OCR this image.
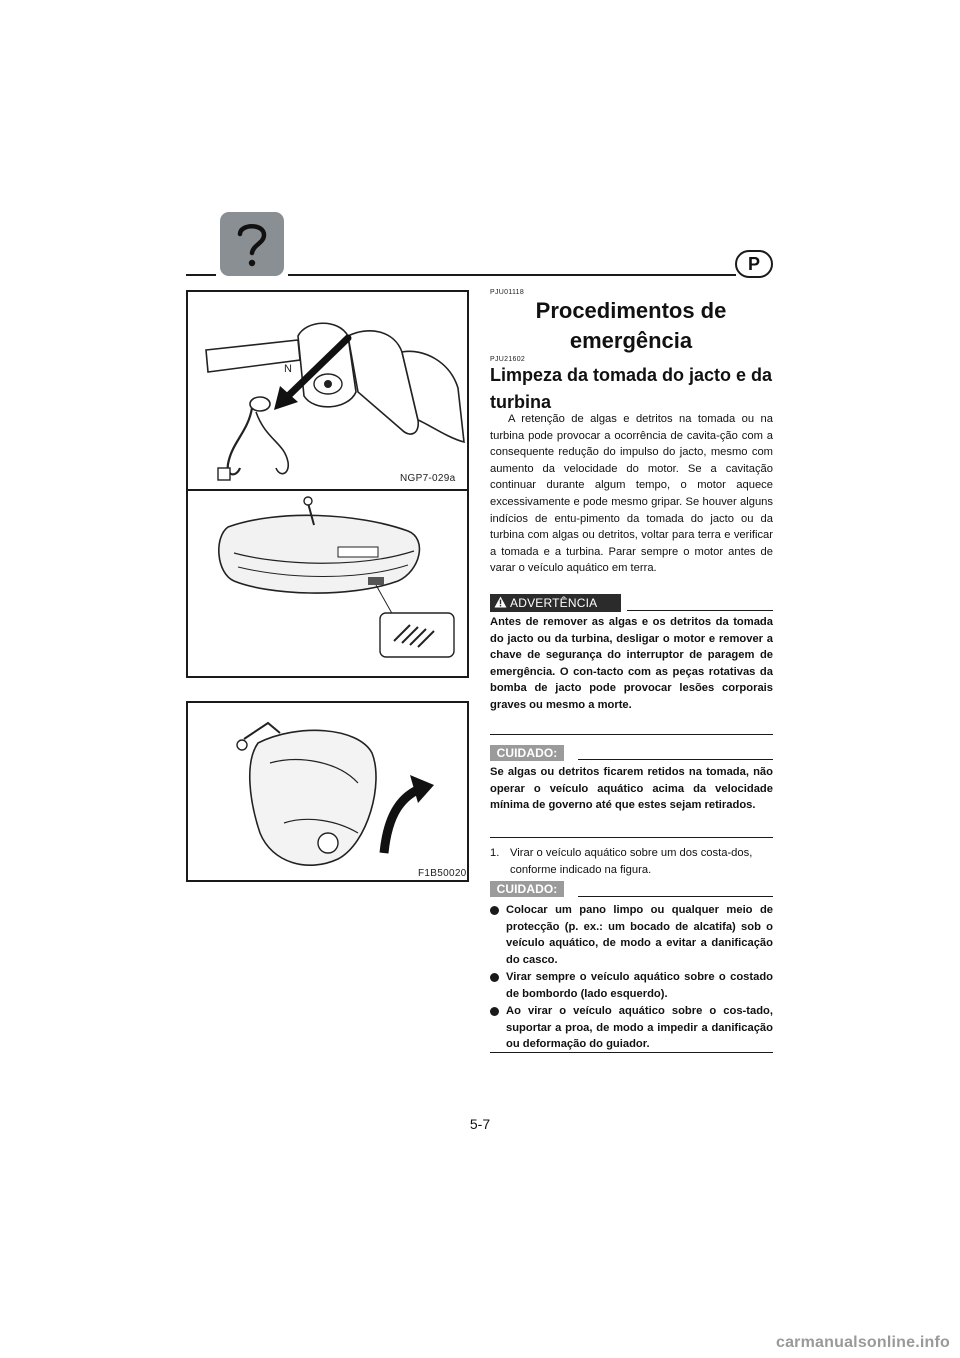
P
N
NGP7-029a
F1B50020
PJU01118
Procedimentos de
emergência
PJU21602
Limpeza da tomada do jacto e da
turbina

A retenção de algas e detritos na tomada ou na turbina pode provocar a ocorrência de cavita-ção com a consequente redução do impulso do jacto, mesmo com aumento da velocidade do motor. Se a cavitação continuar durante algum tempo, o motor aquece excessivamente e pode mesmo gripar. Se houver alguns indícios de entu-pimento da tomada do jacto ou da turbina com algas ou detritos, voltar para terra e verificar a tomada e a turbina. Parar sempre o motor antes de varar o veículo aquático em terra.

ADVERTÊNCIA

Antes de remover as algas e os detritos da tomada do jacto ou da turbina, desligar o motor e remover a chave de segurança do interruptor de paragem de emergência. O con-tacto com as peças rotativas da bomba de jacto pode provocar lesões corporais graves ou mesmo a morte.

CUIDADO:

Se algas ou detritos ficarem retidos na tomada, não operar o veículo aquático acima da velocidade mínima de governo até que estes sejam retirados.

1. Virar o veículo aquático sobre um dos costa-dos, conforme indicado na figura.
CUIDADO:
Colocar um pano limpo ou qualquer meio de protecção (p. ex.: um bocado de alcatifa) sob o veículo aquático, de modo a evitar a danificação do casco.
Virar sempre o veículo aquático sobre o costado de bombordo (lado esquerdo).
Ao virar o veículo aquático sobre o cos-tado, suportar a proa, de modo a impedir a danificação ou deformação do guiador.
5-7
carmanualsonline.info
